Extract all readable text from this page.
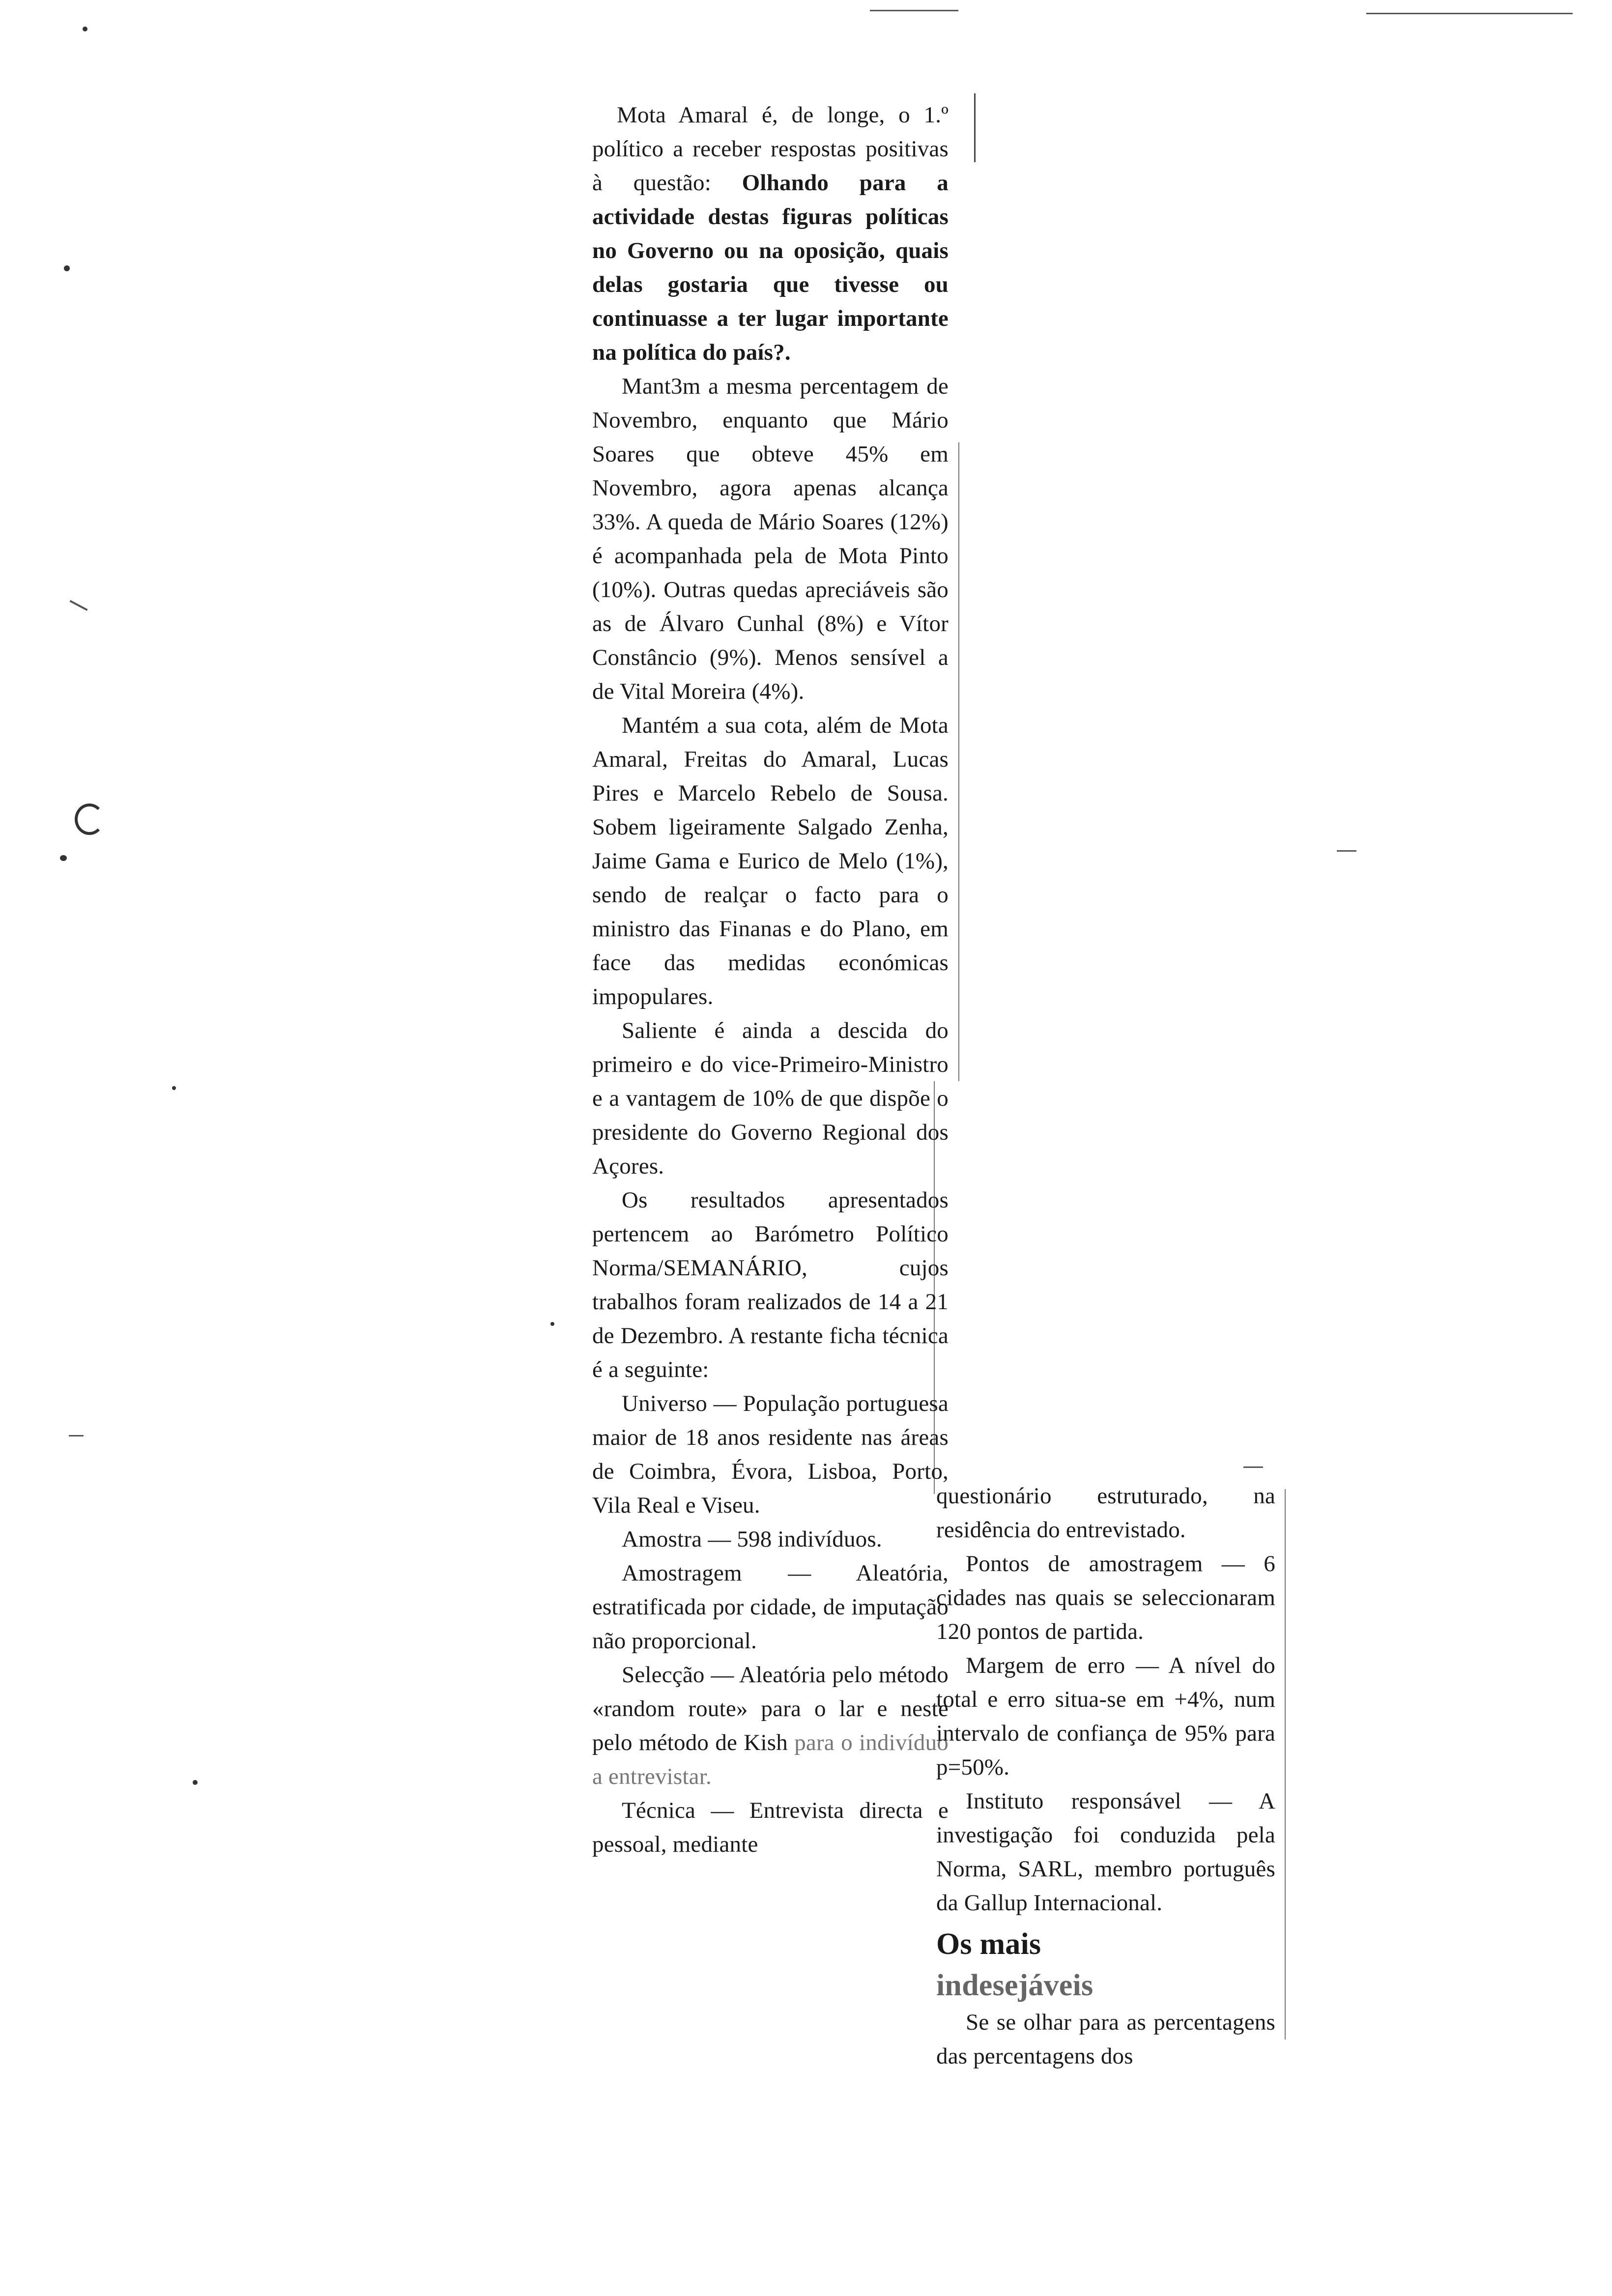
Mota Amaral é, de longe, o 1.º político a receber respostas positivas à questão: Olhando para a actividade destas figuras políticas no Governo ou na oposição, quais delas gostaria que tivesse ou continuasse a ter lugar importante na política do país?.

Mant3m a mesma percentagem de Novembro, enquanto que Mário Soares que obteve 45% em Novembro, agora apenas alcança 33%. A queda de Mário Soares (12%) é acompanhada pela de Mota Pinto (10%). Outras quedas apreciáveis são as de Álvaro Cunhal (8%) e Vítor Constâncio (9%). Menos sensível a de Vital Moreira (4%).

Mantém a sua cota, além de Mota Amaral, Freitas do Amaral, Lucas Pires e Marcelo Rebelo de Sousa. Sobem ligeiramente Salgado Zenha, Jaime Gama e Eurico de Melo (1%), sendo de realçar o facto para o ministro das Finanas e do Plano, em face das medidas económicas impopulares.

Saliente é ainda a descida do primeiro e do vice-Primeiro-Ministro e a vantagem de 10% de que dispõe o presidente do Governo Regional dos Açores.

Os resultados apresentados pertencem ao Barómetro Político Norma/SEMANÁRIO, cujos trabalhos foram realizados de 14 a 21 de Dezembro. A restante ficha técnica é a seguinte:

Universo — População portuguesa maior de 18 anos residente nas áreas de Coimbra, Évora, Lisboa, Porto, Vila Real e Viseu.

Amostra — 598 indivíduos.

Amostragem — Aleatória, estratificada por cidade, de imputação não proporcional.

Selecção — Aleatória pelo método «random route» para o lar e neste pelo método de Kish para o indivíduo a entrevistar.

Técnica — Entrevista directa e pessoal, mediante

questionário estruturado, na residência do entrevistado.

Pontos de amostragem — 6 cidades nas quais se seleccionaram 120 pontos de partida.

Margem de erro — A nível do total e erro situa-se em +4%, num intervalo de confiança de 95% para p=50%.

Instituto responsável — A investigação foi conduzida pela Norma, SARL, membro português da Gallup Internacional.

Os mais
indesejáveis

Se se olhar para as percentagens das percentagens dos
